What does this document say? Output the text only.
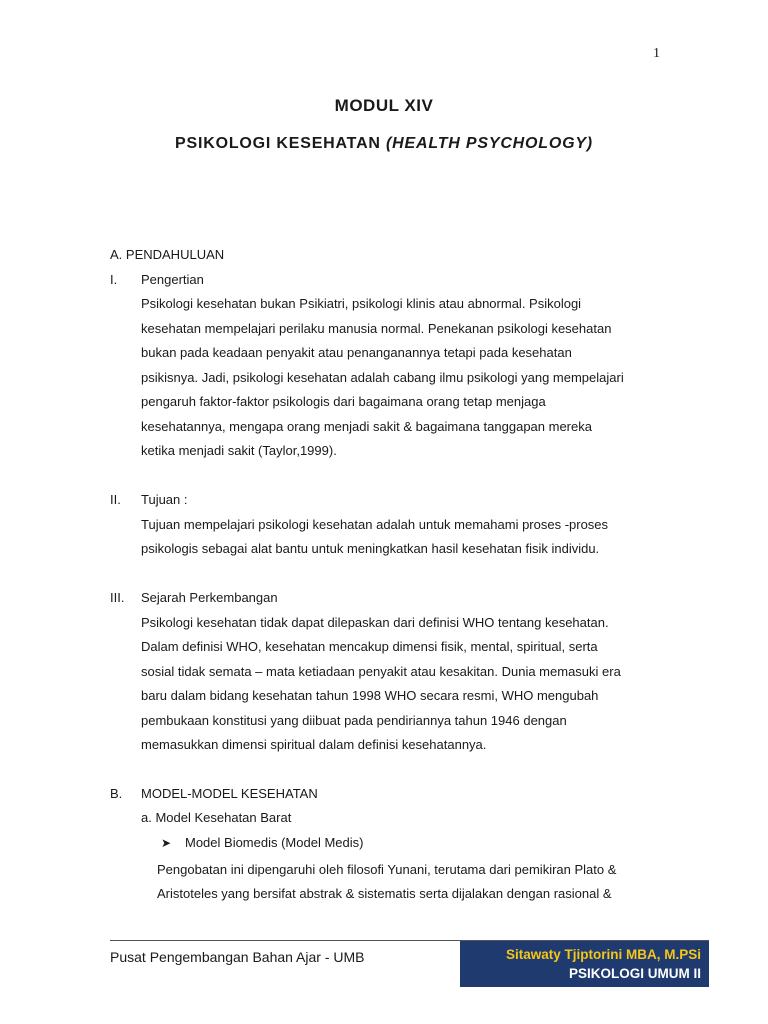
1
MODUL XIV
PSIKOLOGI KESEHATAN (HEALTH PSYCHOLOGY)
A. PENDAHULUAN
I. Pengertian
Psikologi kesehatan bukan Psikiatri, psikologi klinis atau abnormal. Psikologi
kesehatan mempelajari perilaku manusia normal. Penekanan psikologi kesehatan
bukan pada keadaan penyakit atau penanganannya tetapi pada kesehatan
psikisnya. Jadi, psikologi kesehatan adalah cabang ilmu psikologi yang mempelajari
pengaruh faktor-faktor psikologis dari bagaimana orang tetap menjaga
kesehatannya, mengapa orang menjadi sakit & bagaimana tanggapan mereka
ketika menjadi sakit (Taylor,1999).
II. Tujuan :
Tujuan mempelajari psikologi kesehatan adalah untuk memahami proses -proses
psikologis sebagai alat bantu untuk meningkatkan hasil kesehatan fisik individu.
III. Sejarah Perkembangan
Psikologi kesehatan tidak dapat dilepaskan dari definisi WHO tentang kesehatan.
Dalam definisi WHO, kesehatan mencakup dimensi fisik, mental, spiritual, serta
sosial tidak semata – mata ketiadaan penyakit atau kesakitan. Dunia memasuki era
baru dalam bidang kesehatan tahun 1998 WHO secara resmi, WHO mengubah
pembukaan konstitusi yang diibuat pada pendiriannya tahun 1946 dengan
memasukkan dimensi spiritual dalam definisi kesehatannya.
B. MODEL-MODEL KESEHATAN
a. Model Kesehatan Barat
➤ Model Biomedis (Model Medis)
Pengobatan ini dipengaruhi oleh filosofi Yunani, terutama dari pemikiran Plato &
Aristoteles yang bersifat abstrak & sistematis serta dijalakan dengan rasional &
Pusat Pengembangan Bahan Ajar - UMB	Sitawaty Tjiptorini MBA, M.PSi
PSIKOLOGI UMUM II
